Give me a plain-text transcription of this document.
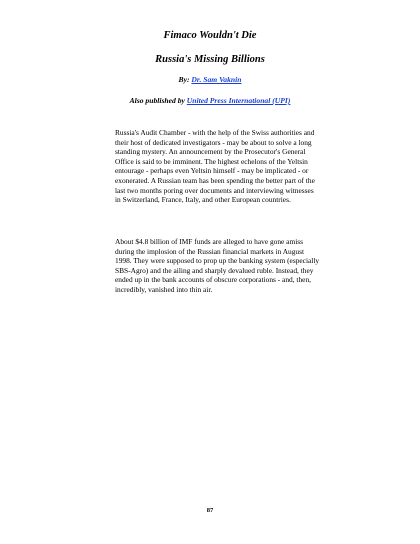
Fimaco Wouldn't Die
Russia's Missing Billions
By: Dr. Sam Vaknin
Also published by United Press International (UPI)

Russia's Audit Chamber - with the help of the Swiss authorities and their host of dedicated investigators - may be about to solve a long standing mystery. An announcement by the Prosecutor's General Office is said to be imminent. The highest echelons of the Yeltsin entourage - perhaps even Yeltsin himself - may be implicated - or exonerated. A Russian team has been spending the better part of the last two months poring over documents and interviewing witnesses in Switzerland, France, Italy, and other European countries.

About $4.8 billion of IMF funds are alleged to have gone amiss during the implosion of the Russian financial markets in August 1998. They were supposed to prop up the banking system (especially SBS-Agro) and the ailing and sharply devalued ruble. Instead, they ended up in the bank accounts of obscure corporations - and, then, incredibly, vanished into thin air.

87
